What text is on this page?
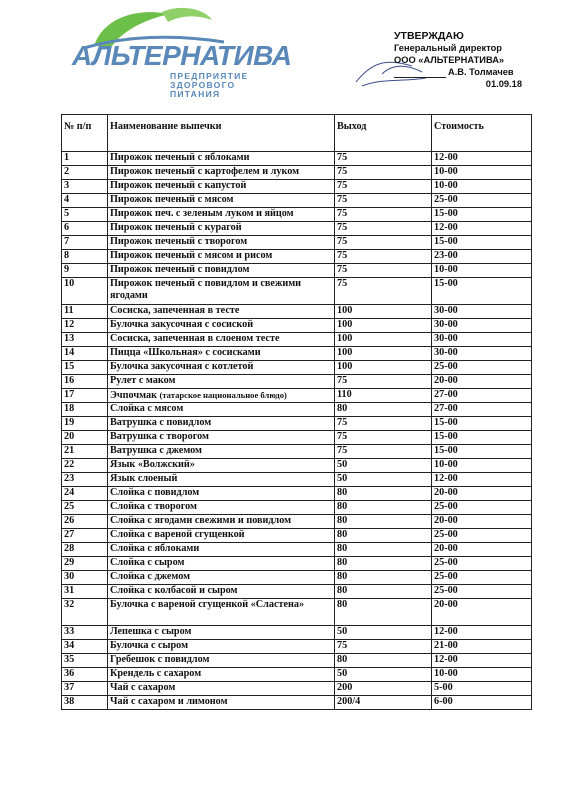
АЛЬТЕРНАТИВА
ПРЕДПРИЯТИЕ
ЗДОРОВОГО
ПИТАНИЯ
УТВЕРЖДАЮ
Генеральный директор
ООО «АЛЬТЕРНАТИВА»
А.В. Толмачев
01.09.18
№ п/п	Наименование выпечки	Выход	Стоимость
1	Пирожок печеный с яблоками	75	12-00
2	Пирожок печеный с картофелем и луком	75	10-00
3	Пирожок печеный с капустой	75	10-00
4	Пирожок печеный с мясом	75	25-00
5	Пирожок печ. с зеленым луком и яйцом	75	15-00
6	Пирожок печеный с курагой	75	12-00
7	Пирожок печеный с творогом	75	15-00
8	Пирожок печеный с мясом и рисом	75	23-00
9	Пирожок печеный с повидлом	75	10-00
10	Пирожок печеный с повидлом и свежими ягодами	75	15-00
11	Сосиска, запеченная в тесте	100	30-00
12	Булочка закусочная с сосиской	100	30-00
13	Сосиска, запеченная в слоеном тесте	100	30-00
14	Пицца «Школьная» с сосисками	100	30-00
15	Булочка закусочная с котлетой	100	25-00
16	Рулет с маком	75	20-00
17	Эчпочмак (татарское национальное блюдо)	110	27-00
18	Слойка с мясом	80	27-00
19	Ватрушка с повидлом	75	15-00
20	Ватрушка с творогом	75	15-00
21	Ватрушка с джемом	75	15-00
22	Язык «Волжский»	50	10-00
23	Язык слоеный	50	12-00
24	Слойка с повидлом	80	20-00
25	Слойка с творогом	80	25-00
26	Слойка с ягодами свежими и повидлом	80	20-00
27	Слойка с вареной сгущенкой	80	25-00
28	Слойка с яблоками	80	20-00
29	Слойка с сыром	80	25-00
30	Слойка с джемом	80	25-00
31	Слойка с колбасой и сыром	80	25-00
32	Булочка с вареной сгущенкой «Сластена»	80	20-00
33	Лепешка с сыром	50	12-00
34	Булочка с сыром	75	21-00
35	Гребешок с повидлом	80	12-00
36	Крендель с сахаром	50	10-00
37	Чай с сахаром	200	5-00
38	Чай с сахаром и лимоном	200/4	6-00
